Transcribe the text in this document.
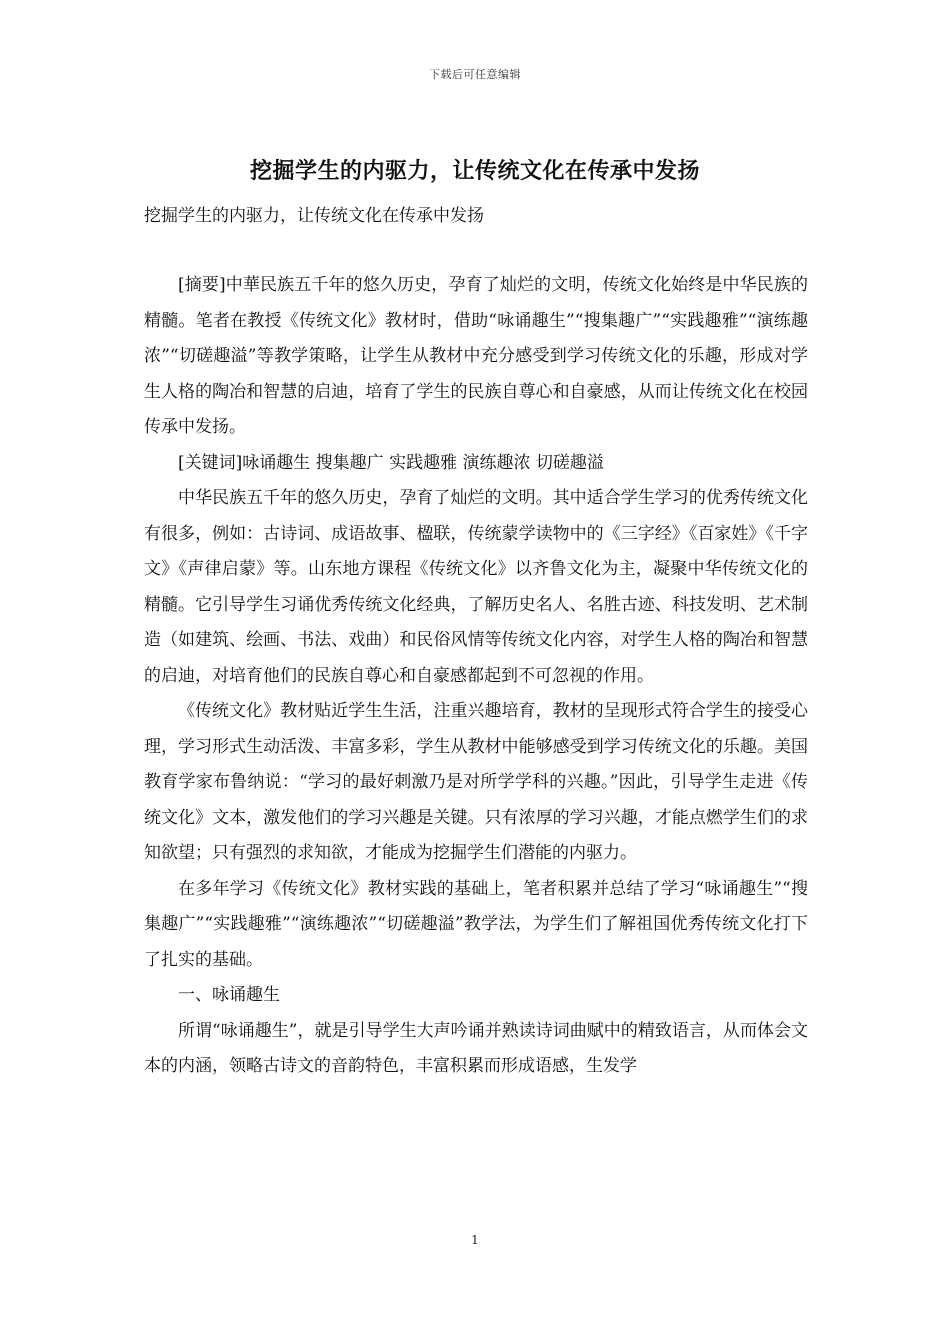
下载后可任意编辑
挖掘学生的内驱力，让传统文化在传承中发扬
挖掘学生的内驱力，让传统文化在传承中发扬

[摘要]中華民族五千年的悠久历史，孕育了灿烂的文明，传统文化始终是中华民族的精髓。笔者在教授《传统文化》教材时，借助“咏诵趣生”“搜集趣广”“实践趣雅”“演练趣浓”“切磋趣溢”等教学策略，让学生从教材中充分感受到学习传统文化的乐趣，形成对学生人格的陶冶和智慧的启迪，培育了学生的民族自尊心和自豪感，从而让传统文化在校园传承中发扬。

[关键词]咏诵趣生 搜集趣广 实践趣雅 演练趣浓 切磋趣溢

中华民族五千年的悠久历史，孕育了灿烂的文明。其中适合学生学习的优秀传统文化有很多，例如：古诗词、成语故事、楹联，传统蒙学读物中的《三字经》《百家姓》《千字文》《声律启蒙》等。山东地方课程《传统文化》以齐鲁文化为主，凝聚中华传统文化的精髓。它引导学生习诵优秀传统文化经典，了解历史名人、名胜古迹、科技发明、艺术制造（如建筑、绘画、书法、戏曲）和民俗风情等传统文化内容，对学生人格的陶冶和智慧的启迪，对培育他们的民族自尊心和自豪感都起到不可忽视的作用。

《传统文化》教材贴近学生生活，注重兴趣培育，教材的呈现形式符合学生的接受心理，学习形式生动活泼、丰富多彩，学生从教材中能够感受到学习传统文化的乐趣。美国教育学家布鲁纳说：“学习的最好刺激乃是对所学学科的兴趣。”因此，引导学生走进《传统文化》文本，激发他们的学习兴趣是关键。只有浓厚的学习兴趣，才能点燃学生们的求知欲望；只有强烈的求知欲，才能成为挖掘学生们潜能的内驱力。

在多年学习《传统文化》教材实践的基础上，笔者积累并总结了学习“咏诵趣生”“搜集趣广”“实践趣雅”“演练趣浓”“切磋趣溢”教学法，为学生们了解祖国优秀传统文化打下了扎实的基础。

一、咏诵趣生

所谓“咏诵趣生”，就是引导学生大声吟诵并熟读诗词曲赋中的精致语言，从而体会文本的内涵，领略古诗文的音韵特色，丰富积累而形成语感，生发学

1
